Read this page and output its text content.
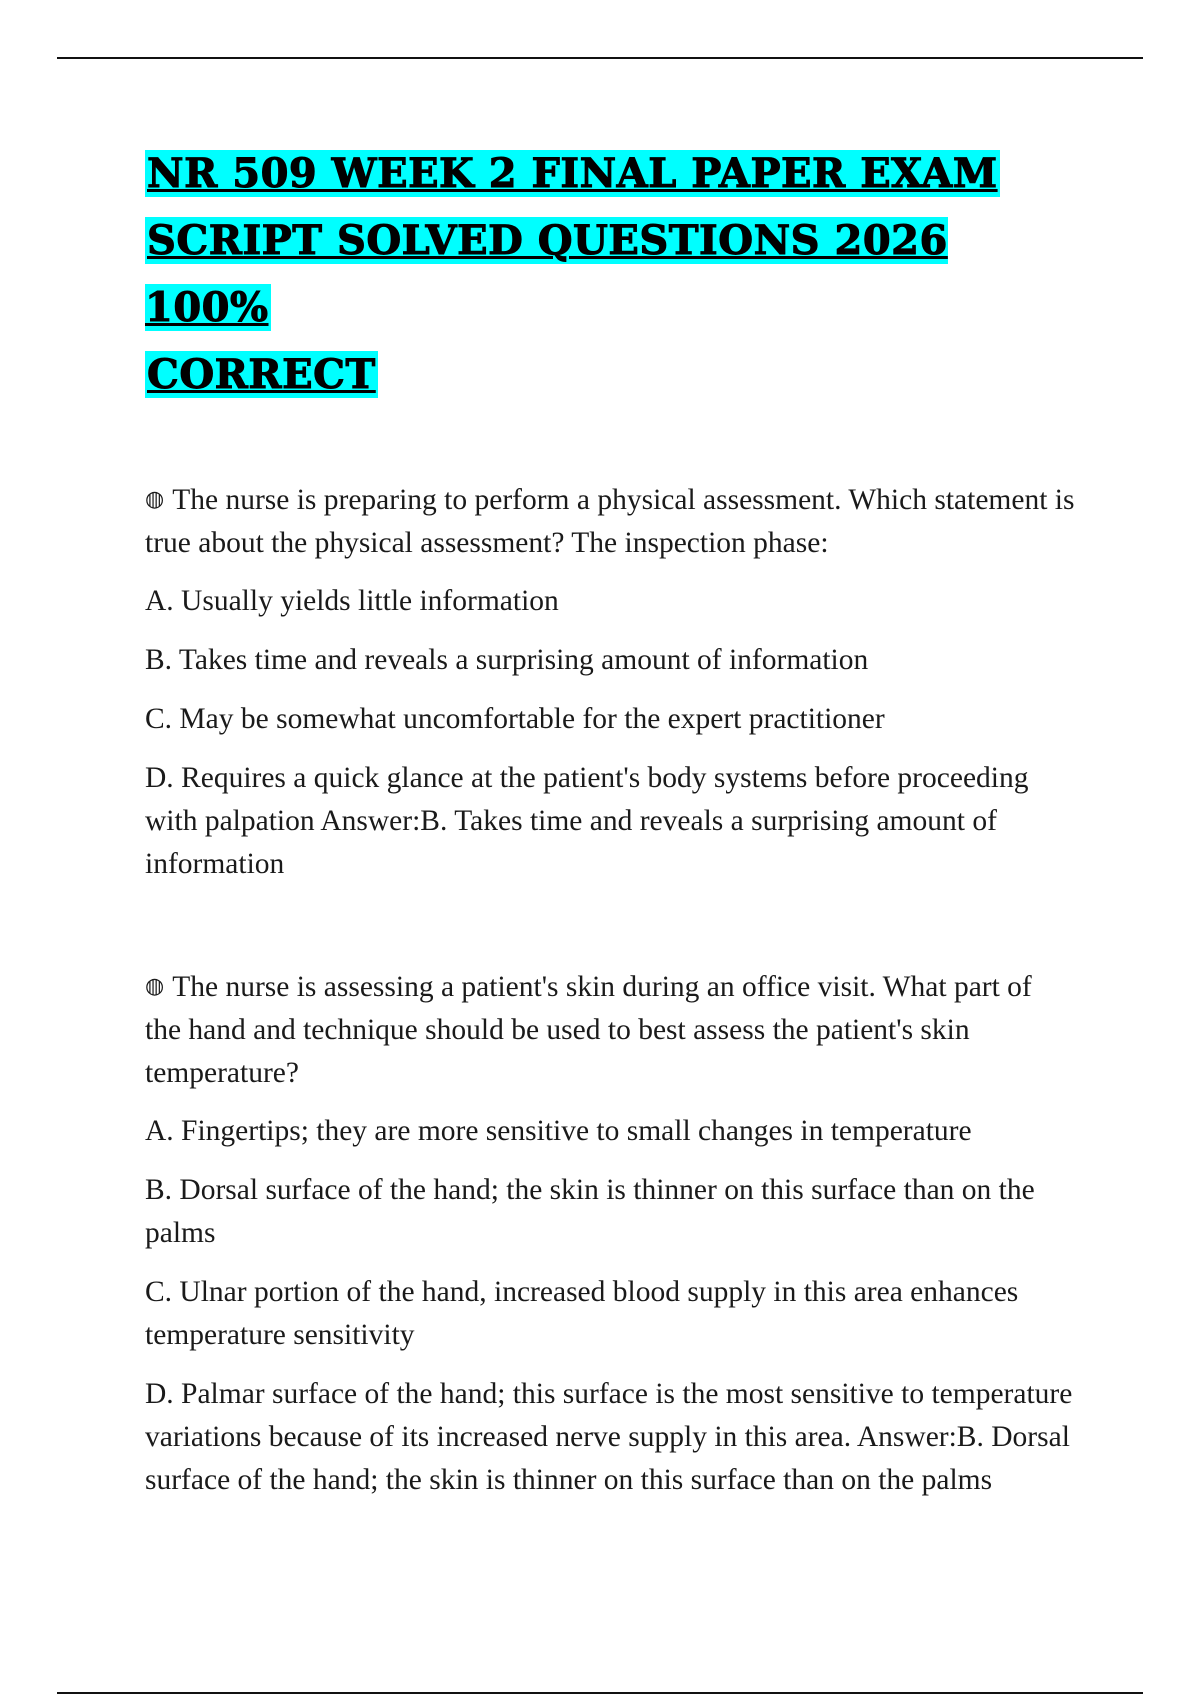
NR 509 WEEK 2 FINAL PAPER EXAM
SCRIPT SOLVED QUESTIONS 2026 100%
CORRECT

◍ The nurse is preparing to perform a physical assessment. Which statement is true about the physical assessment? The inspection phase:

A. Usually yields little information

B. Takes time and reveals a surprising amount of information

C. May be somewhat uncomfortable for the expert practitioner

D. Requires a quick glance at the patient's body systems before proceeding with palpation Answer:B. Takes time and reveals a surprising amount of information

◍ The nurse is assessing a patient's skin during an office visit. What part of the hand and technique should be used to best assess the patient's skin temperature?

A. Fingertips; they are more sensitive to small changes in temperature

B. Dorsal surface of the hand; the skin is thinner on this surface than on the palms

C. Ulnar portion of the hand, increased blood supply in this area enhances temperature sensitivity

D. Palmar surface of the hand; this surface is the most sensitive to temperature variations because of its increased nerve supply in this area. Answer:B. Dorsal surface of the hand; the skin is thinner on this surface than on the palms
